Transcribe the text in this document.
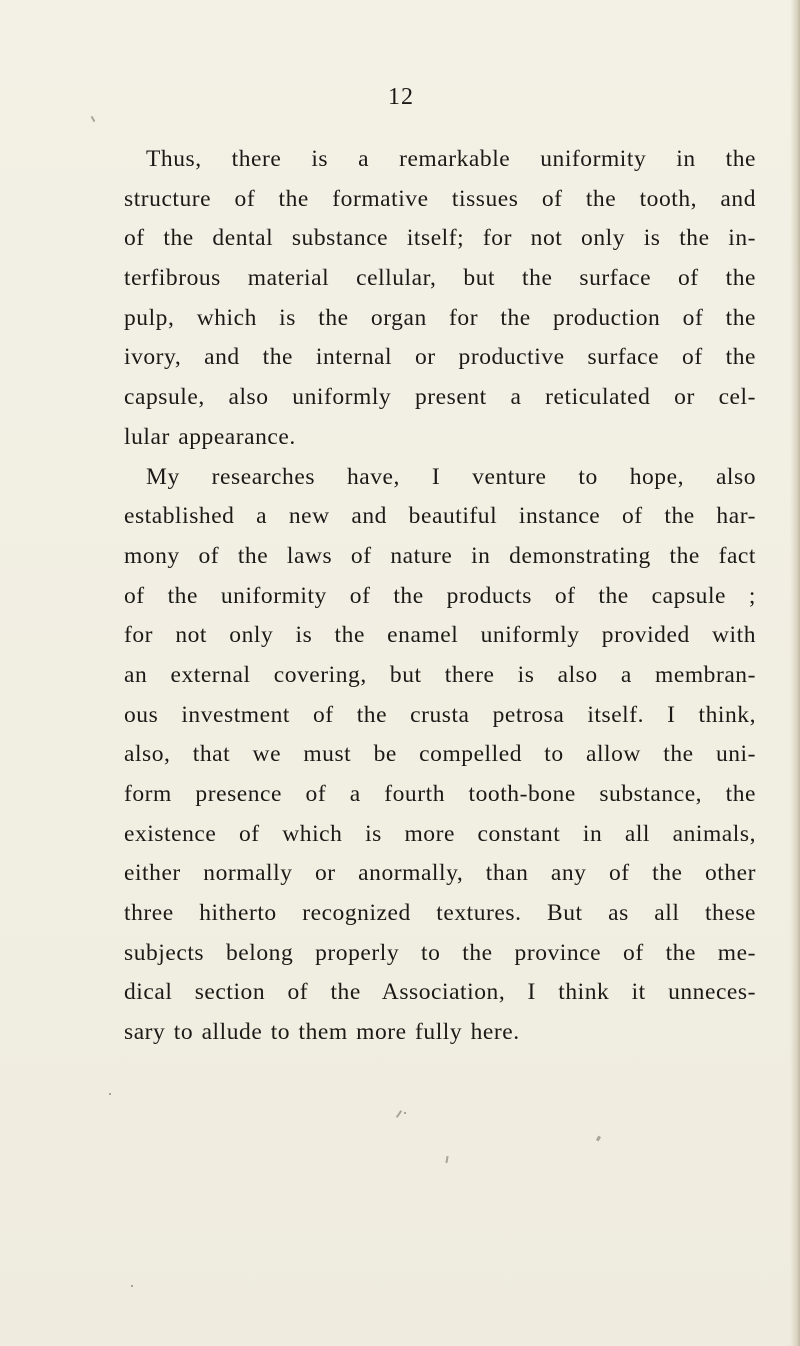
12
Thus, there is a remarkable uniformity in the
structure of the formative tissues of the tooth, and
of the dental substance itself; for not only is the in-
terfibrous material cellular, but the surface of the
pulp, which is the organ for the production of the
ivory, and the internal or productive surface of the
capsule, also uniformly present a reticulated or cel-
lular appearance.
My researches have, I venture to hope, also
established a new and beautiful instance of the har-
mony of the laws of nature in demonstrating the fact
of the uniformity of the products of the capsule ;
for not only is the enamel uniformly provided with
an external covering, but there is also a membran-
ous investment of the crusta petrosa itself. I think,
also, that we must be compelled to allow the uni-
form presence of a fourth tooth-bone substance, the
existence of which is more constant in all animals,
either normally or anormally, than any of the other
three hitherto recognized textures. But as all these
subjects belong properly to the province of the me-
dical section of the Association, I think it unneces-
sary to allude to them more fully here.
